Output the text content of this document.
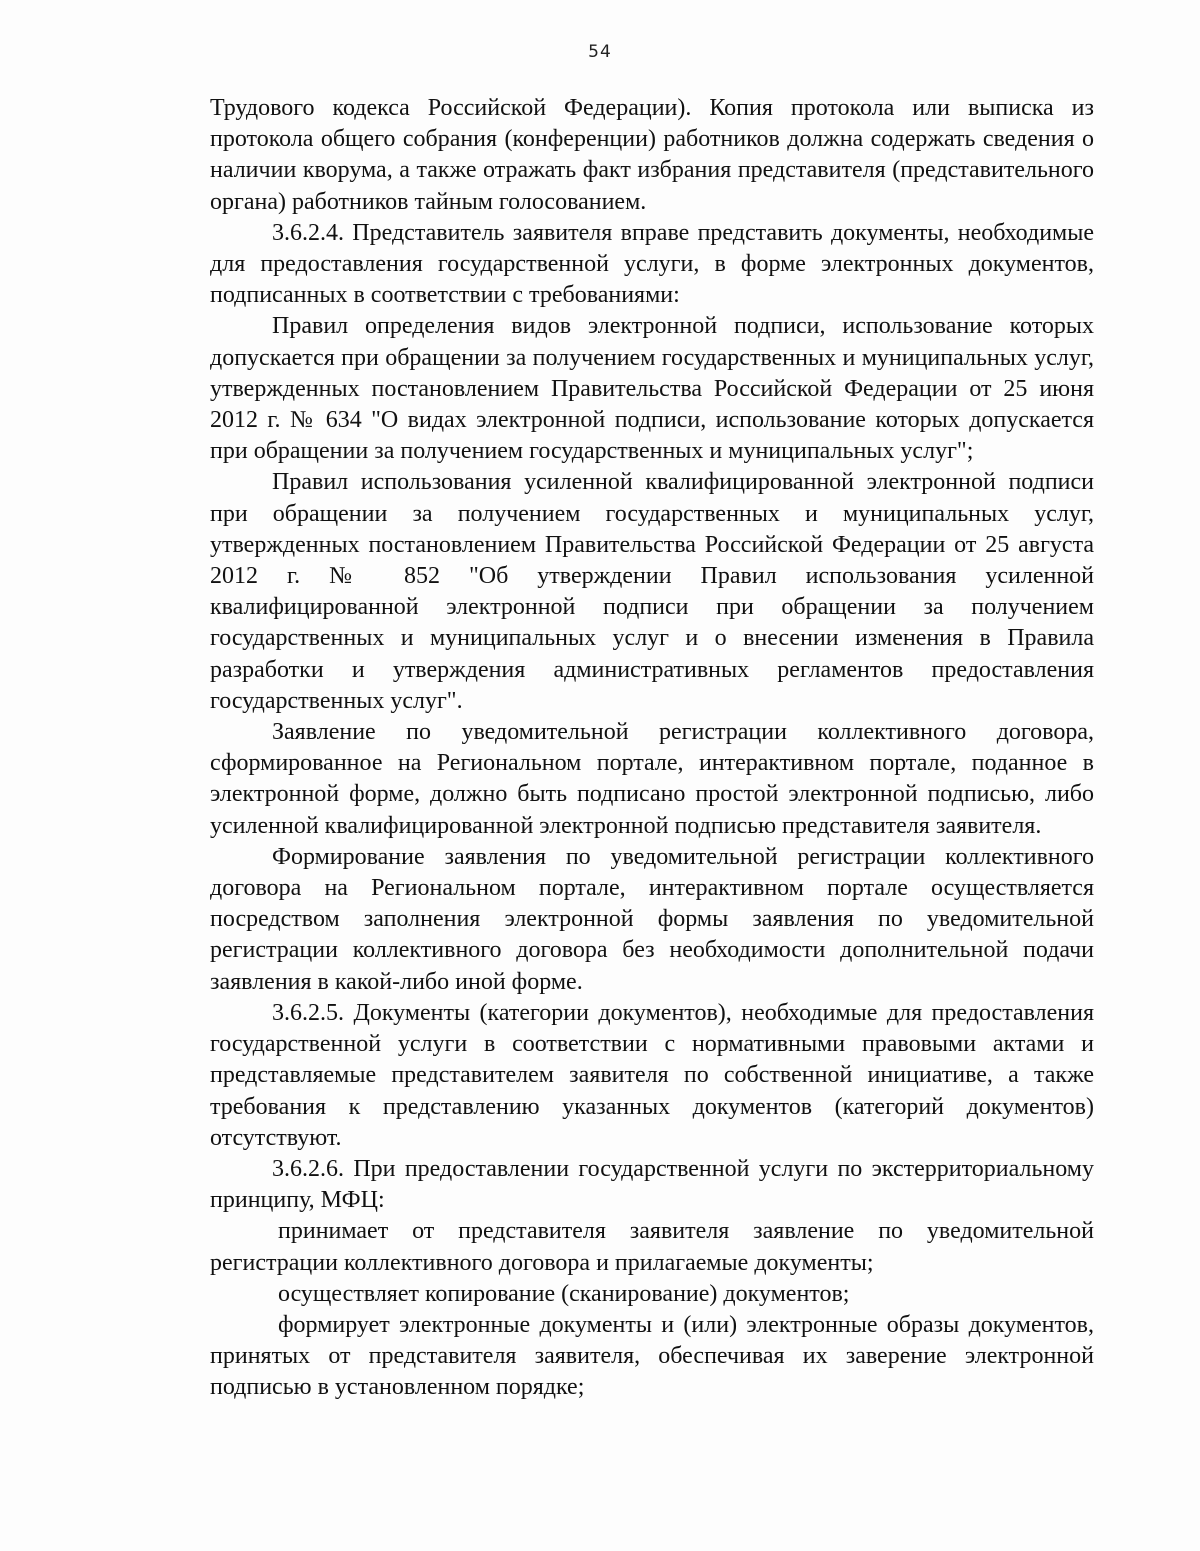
54

Трудового кодекса Российской Федерации). Копия протокола или выписка из протокола общего собрания (конференции) работников должна содержать сведения о наличии кворума, а также отражать факт избрания представителя (представительного органа) работников тайным голосованием.

3.6.2.4. Представитель заявителя вправе представить документы, необходимые для предоставления государственной услуги, в форме электронных документов, подписанных в соответствии с требованиями:

Правил определения видов электронной подписи, использование которых допускается при обращении за получением государственных и муниципальных услуг, утвержденных постановлением Правительства Российской Федерации от 25 июня 2012 г. № 634 "О видах электронной подписи, использование которых допускается при обращении за получением государственных и муниципальных услуг";

Правил использования усиленной квалифицированной электронной подписи при обращении за получением государственных и муниципальных услуг, утвержденных постановлением Правительства Российской Федерации от 25 августа 2012 г. № 852 "Об утверждении Правил использования усиленной квалифицированной электронной подписи при обращении за получением государственных и муниципальных услуг и о внесении изменения в Правила разработки и утверждения административных регламентов предоставления государственных услуг".

Заявление по уведомительной регистрации коллективного договора, сформированное на Региональном портале, интерактивном портале, поданное в электронной форме, должно быть подписано простой электронной подписью, либо усиленной квалифицированной электронной подписью представителя заявителя.

Формирование заявления по уведомительной регистрации коллективного договора на Региональном портале, интерактивном портале осуществляется посредством заполнения электронной формы заявления по уведомительной регистрации коллективного договора без необходимости дополнительной подачи заявления в какой-либо иной форме.

3.6.2.5. Документы (категории документов), необходимые для предоставления государственной услуги в соответствии с нормативными правовыми актами и представляемые представителем заявителя по собственной инициативе, а также требования к представлению указанных документов (категорий документов) отсутствуют.

3.6.2.6. При предоставлении государственной услуги по экстерриториальному принципу, МФЦ:

принимает от представителя заявителя заявление по уведомительной регистрации коллективного договора и прилагаемые документы;

осуществляет копирование (сканирование) документов;

формирует электронные документы и (или) электронные образы документов, принятых от представителя заявителя, обеспечивая их заверение электронной подписью в установленном порядке;
